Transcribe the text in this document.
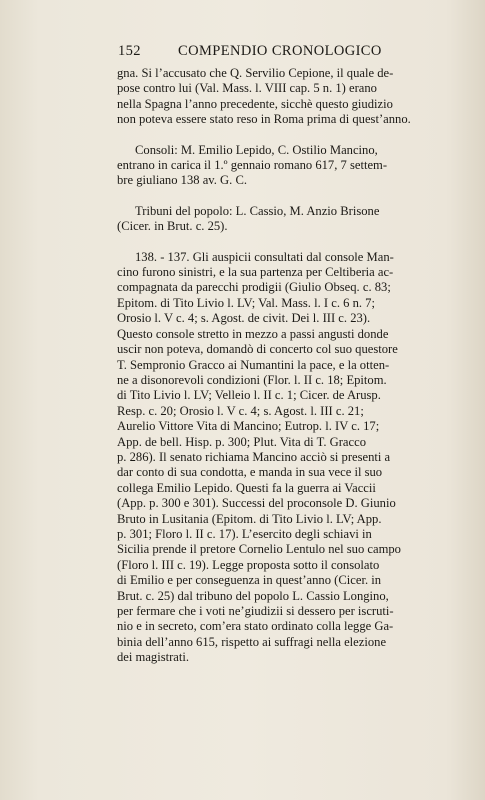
152	COMPENDIO CRONOLOGICO

gna. Si l’accusato che Q. Servilio Cepione, il quale de-
pose contro lui (Val. Mass. l. VIII cap. 5 n. 1) erano
nella Spagna l’anno precedente, sicchè questo giudizio
non poteva essere stato reso in Roma prima di quest’anno.

Consoli: M. Emilio Lepido, C. Ostilio Mancino,
entrano in carica il 1.º gennaio romano 617, 7 settem-
bre giuliano 138 av. G. C.

Tribuni del popolo: L. Cassio, M. Anzio Brisone
(Cicer. in Brut. c. 25).

138. - 137. Gli auspicii consultati dal console Man-
cino furono sinistri, e la sua partenza per Celtiberia ac-
compagnata da parecchi prodigii (Giulio Obseq. c. 83;
Epitom. di Tito Livio l. LV; Val. Mass. l. I c. 6 n. 7;
Orosio l. V c. 4; s. Agost. de civit. Dei l. III c. 23).
Questo console stretto in mezzo a passi angusti donde
uscir non poteva, domandò di concerto col suo questore
T. Sempronio Gracco ai Numantini la pace, e la otten-
ne a disonorevoli condizioni (Flor. l. II c. 18; Epitom.
di Tito Livio l. LV; Velleio l. II c. 1; Cicer. de Arusp.
Resp. c. 20; Orosio l. V c. 4; s. Agost. l. III c. 21;
Aurelio Vittore Vita di Mancino; Eutrop. l. IV c. 17;
App. de bell. Hisp. p. 300; Plut. Vita di T. Gracco
p. 286). Il senato richiama Mancino acciò si presenti a
dar conto di sua condotta, e manda in sua vece il suo
collega Emilio Lepido. Questi fa la guerra ai Vaccii
(App. p. 300 e 301). Successi del proconsole D. Giunio
Bruto in Lusitania (Epitom. di Tito Livio l. LV; App.
p. 301; Floro l. II c. 17). L’esercito degli schiavi in
Sicilia prende il pretore Cornelio Lentulo nel suo campo
(Floro l. III c. 19). Legge proposta sotto il consolato
di Emilio e per conseguenza in quest’anno (Cicer. in
Brut. c. 25) dal tribuno del popolo L. Cassio Longino,
per fermare che i voti ne’giudizii si dessero per iscruti-
nio e in secreto, com’era stato ordinato colla legge Ga-
binia dell’anno 615, rispetto ai suffragi nella elezione
dei magistrati.
